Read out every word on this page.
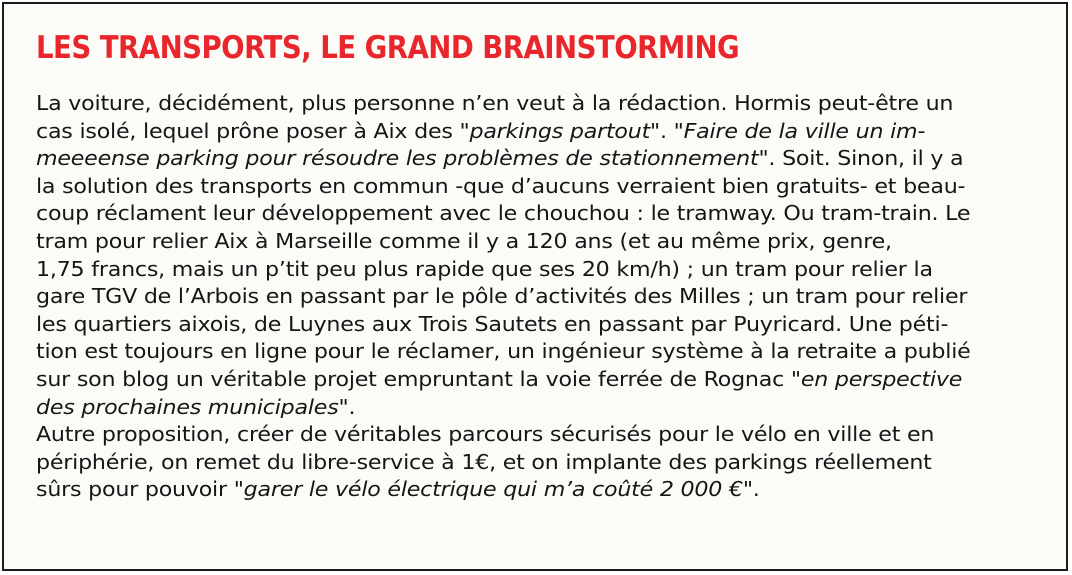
LES TRANSPORTS, LE GRAND BRAINSTORMING
La voiture, décidément, plus personne n’en veut à la rédaction. Hormis peut-être un
cas isolé, lequel prône poser à Aix des "parkings partout". "Faire de la ville un im-
meeeense parking pour résoudre les problèmes de stationnement". Soit. Sinon, il y a
la solution des transports en commun -que d’aucuns verraient bien gratuits- et beau-
coup réclament leur développement avec le chouchou : le tramway. Ou tram-train. Le
tram pour relier Aix à Marseille comme il y a 120 ans (et au même prix, genre,
1,75 francs, mais un p’tit peu plus rapide que ses 20 km/h) ; un tram pour relier la
gare TGV de l’Arbois en passant par le pôle d’activités des Milles ; un tram pour relier
les quartiers aixois, de Luynes aux Trois Sautets en passant par Puyricard. Une péti-
tion est toujours en ligne pour le réclamer, un ingénieur système à la retraite a publié
sur son blog un véritable projet empruntant la voie ferrée de Rognac "en perspective
des prochaines municipales".
Autre proposition, créer de véritables parcours sécurisés pour le vélo en ville et en
périphérie, on remet du libre-service à 1€, et on implante des parkings réellement
sûrs pour pouvoir "garer le vélo électrique qui m’a coûté 2 000 €".
